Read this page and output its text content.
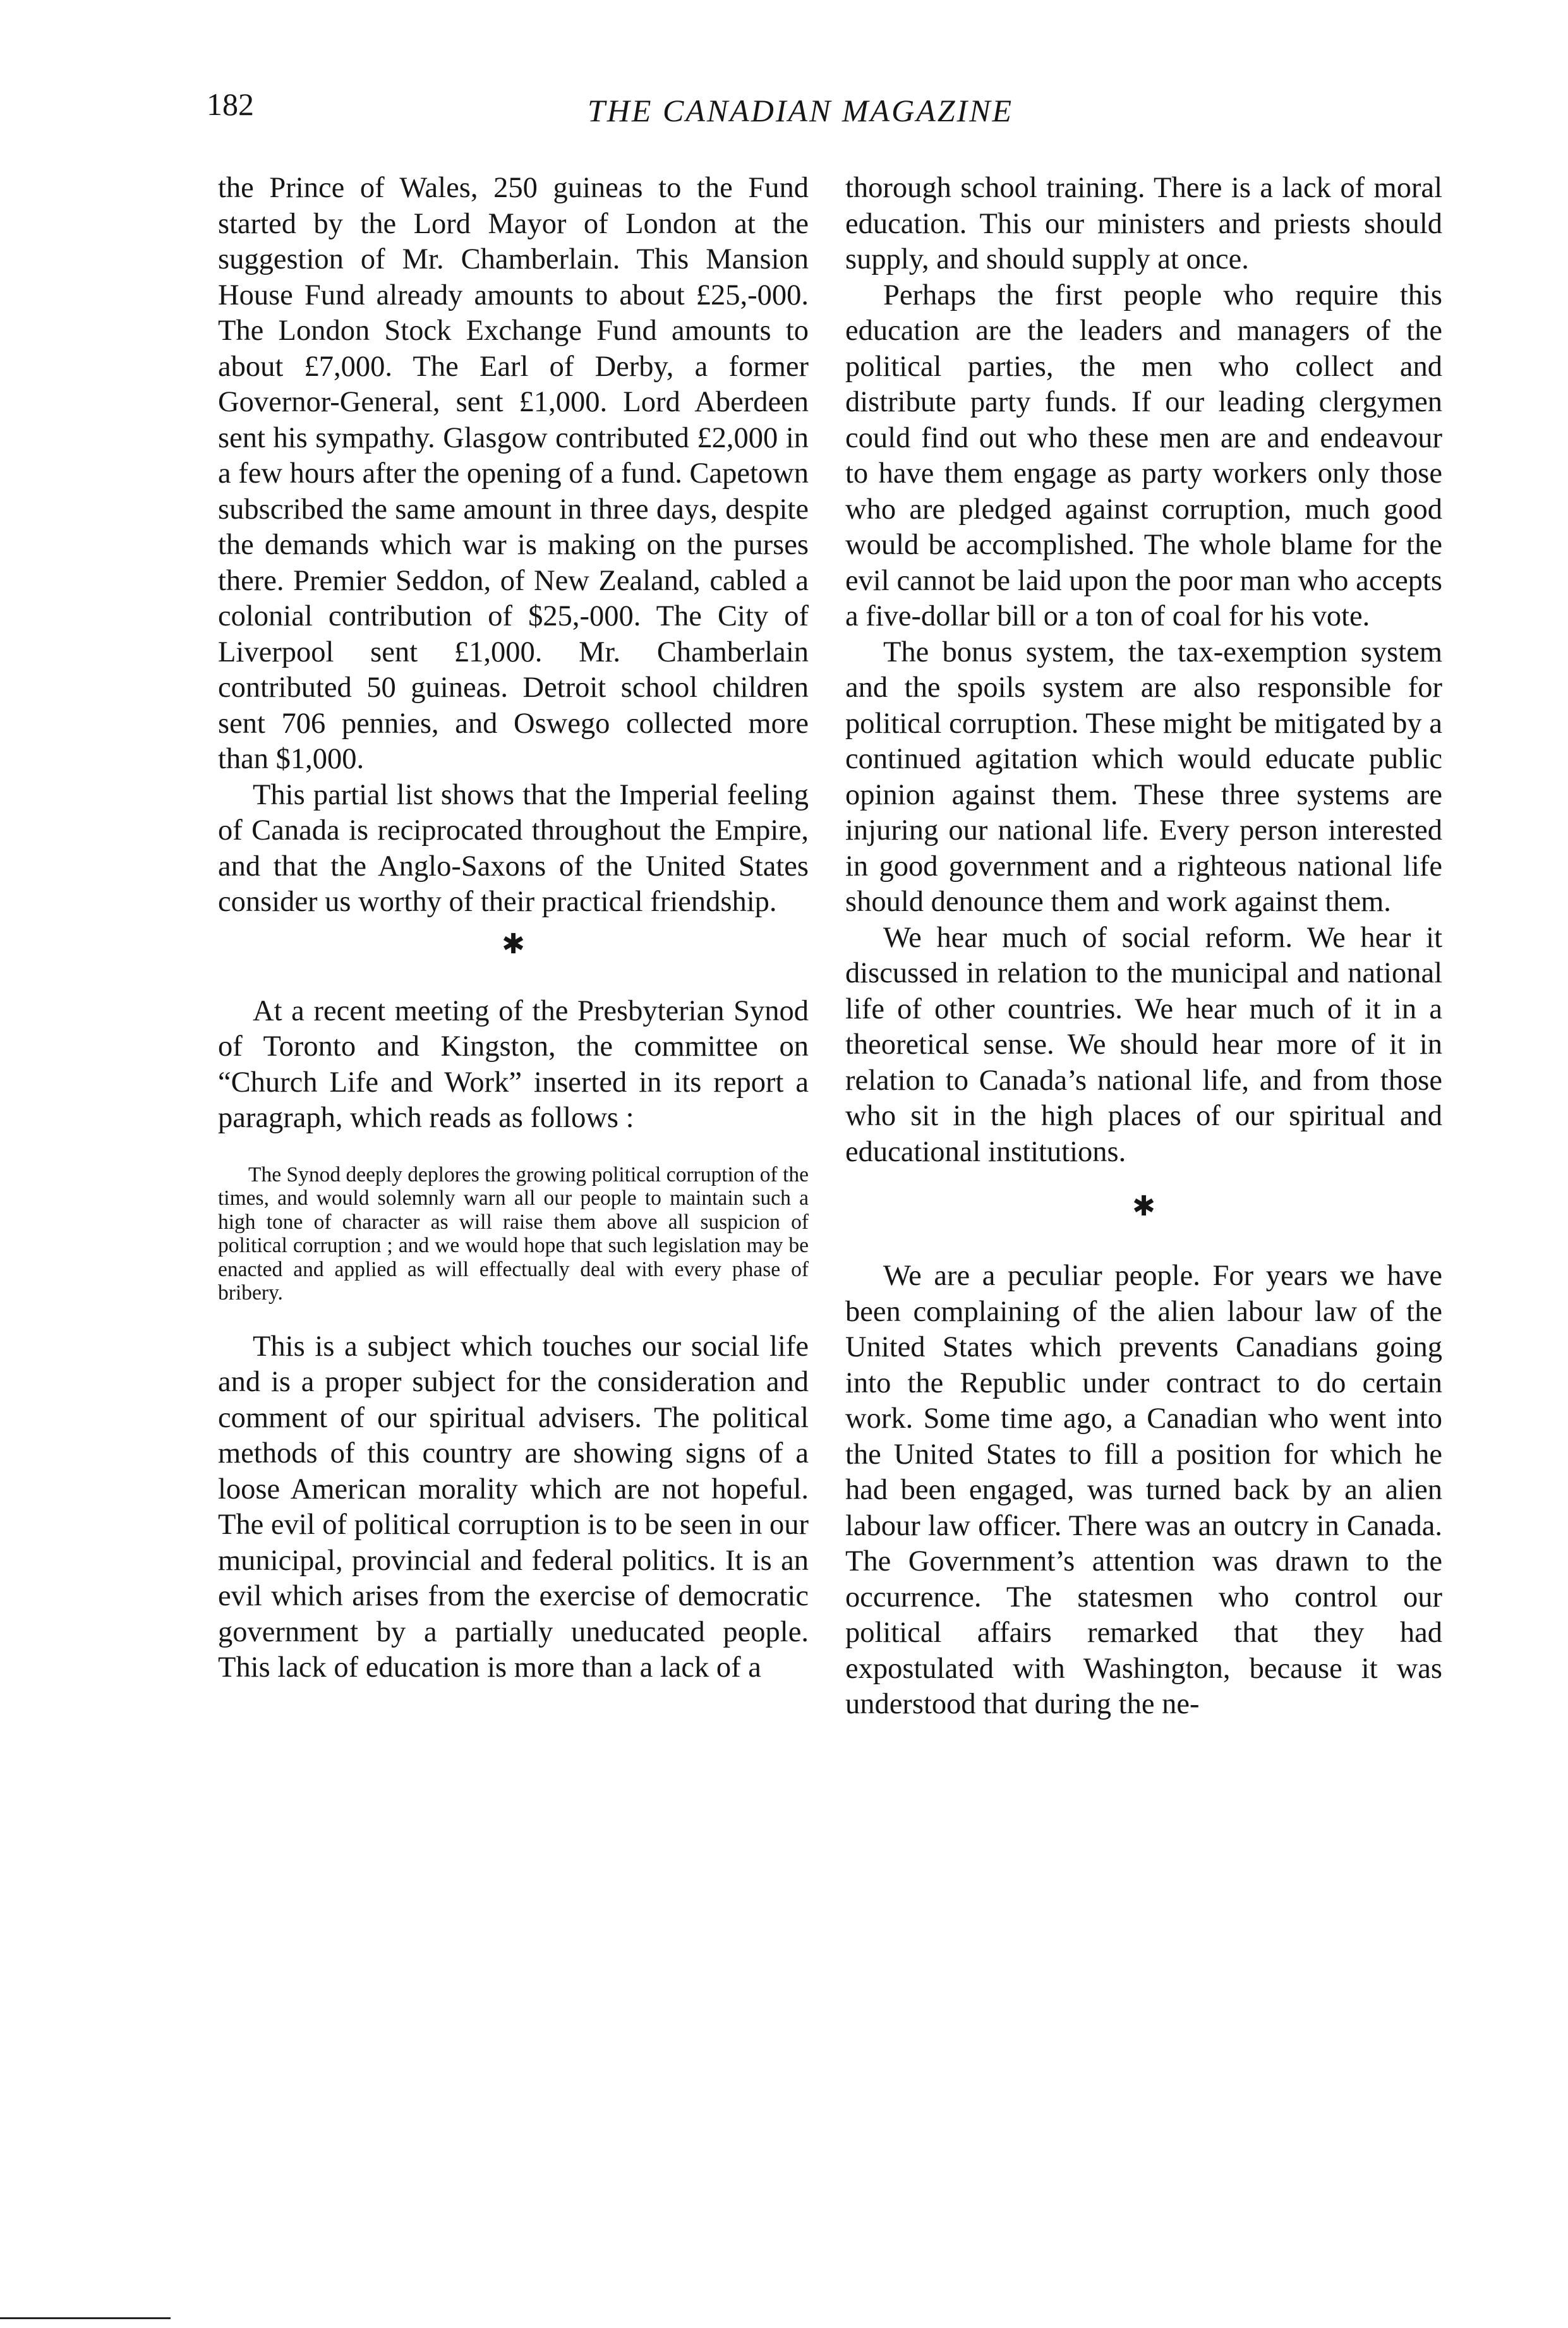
182	THE CANADIAN MAGAZINE

the Prince of Wales, 250 guineas to the Fund started by the Lord Mayor of London at the suggestion of Mr. Chamberlain. This Mansion House Fund already amounts to about £25,-000. The London Stock Exchange Fund amounts to about £7,000. The Earl of Derby, a former Governor-General, sent £1,000. Lord Aberdeen sent his sympathy. Glasgow contributed £2,000 in a few hours after the opening of a fund. Capetown subscribed the same amount in three days, despite the demands which war is making on the purses there. Premier Seddon, of New Zealand, cabled a colonial contribution of $25,-000. The City of Liverpool sent £1,000. Mr. Chamberlain contributed 50 guineas. Detroit school children sent 706 pennies, and Oswego collected more than $1,000.

This partial list shows that the Imperial feeling of Canada is reciprocated throughout the Empire, and that the Anglo-Saxons of the United States consider us worthy of their practical friendship.

✱

At a recent meeting of the Presbyterian Synod of Toronto and Kingston, the committee on “Church Life and Work” inserted in its report a paragraph, which reads as follows :

The Synod deeply deplores the growing political corruption of the times, and would solemnly warn all our people to maintain such a high tone of character as will raise them above all suspicion of political corruption ; and we would hope that such legislation may be enacted and applied as will effectually deal with every phase of bribery.

This is a subject which touches our social life and is a proper subject for the consideration and comment of our spiritual advisers. The political methods of this country are showing signs of a loose American morality which are not hopeful. The evil of political corruption is to be seen in our municipal, provincial and federal politics. It is an evil which arises from the exercise of democratic government by a partially uneducated people. This lack of education is more than a lack of a

thorough school training. There is a lack of moral education. This our ministers and priests should supply, and should supply at once.

Perhaps the first people who require this education are the leaders and managers of the political parties, the men who collect and distribute party funds. If our leading clergymen could find out who these men are and endeavour to have them engage as party workers only those who are pledged against corruption, much good would be accomplished. The whole blame for the evil cannot be laid upon the poor man who accepts a five-dollar bill or a ton of coal for his vote.

The bonus system, the tax-exemption system and the spoils system are also responsible for political corruption. These might be mitigated by a continued agitation which would educate public opinion against them. These three systems are injuring our national life. Every person interested in good government and a righteous national life should denounce them and work against them.

We hear much of social reform. We hear it discussed in relation to the municipal and national life of other countries. We hear much of it in a theoretical sense. We should hear more of it in relation to Canada’s national life, and from those who sit in the high places of our spiritual and educational institutions.

✱

We are a peculiar people. For years we have been complaining of the alien labour law of the United States which prevents Canadians going into the Republic under contract to do certain work. Some time ago, a Canadian who went into the United States to fill a position for which he had been engaged, was turned back by an alien labour law officer. There was an outcry in Canada. The Government’s attention was drawn to the occurrence. The statesmen who control our political affairs remarked that they had expostulated with Washington, because it was understood that during the ne-
